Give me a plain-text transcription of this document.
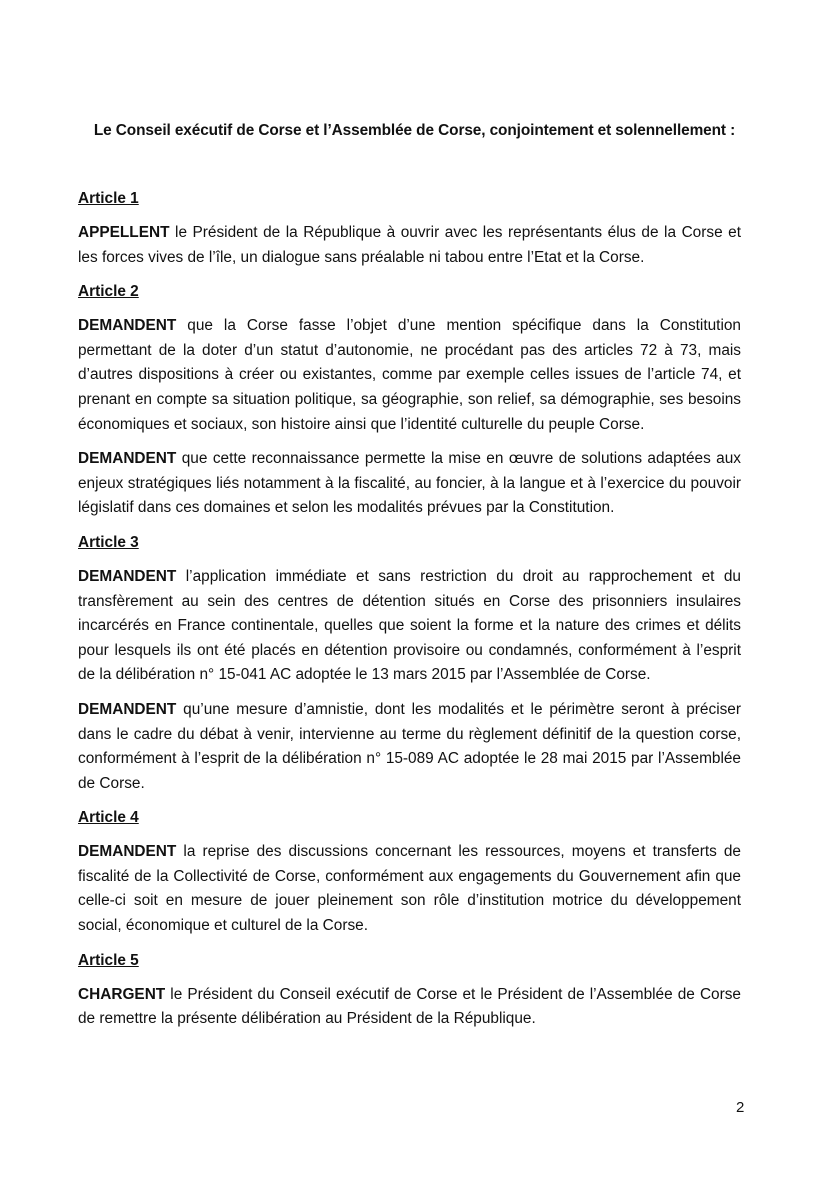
Le Conseil exécutif de Corse et l’Assemblée de Corse, conjointement et solennellement :
Article 1

APPELLENT le Président de la République à ouvrir avec les représentants élus de la Corse et les forces vives de l’île, un dialogue sans préalable ni tabou entre l’Etat et la Corse.

Article 2

DEMANDENT que la Corse fasse l’objet d’une mention spécifique dans la Constitution permettant de la doter d’un statut d’autonomie, ne procédant pas des articles 72 à 73, mais d’autres dispositions à créer ou existantes, comme par exemple celles issues de l’article 74, et prenant en compte sa situation politique, sa géographie, son relief, sa démographie, ses besoins économiques et sociaux, son histoire ainsi que l’identité culturelle du peuple Corse.

DEMANDENT que cette reconnaissance permette la mise en œuvre de solutions adaptées aux enjeux stratégiques liés notamment à la fiscalité, au foncier, à la langue et à l’exercice du pouvoir législatif dans ces domaines et selon les modalités prévues par la Constitution.

Article 3

DEMANDENT l’application immédiate et sans restriction du droit au rapprochement et du transfèrement au sein des centres de détention situés en Corse des prisonniers insulaires incarcérés en France continentale, quelles que soient la forme et la nature des crimes et délits pour lesquels ils ont été placés en détention provisoire ou condamnés, conformément à l’esprit de la délibération n° 15-041 AC adoptée le 13 mars 2015 par l’Assemblée de Corse.

DEMANDENT qu’une mesure d’amnistie, dont les modalités et le périmètre seront à préciser dans le cadre du débat à venir, intervienne au terme du règlement définitif de la question corse, conformément à l’esprit de la délibération n° 15-089 AC adoptée le 28 mai 2015 par l’Assemblée de Corse.

Article 4

DEMANDENT la reprise des discussions concernant les ressources, moyens et transferts de fiscalité de la Collectivité de Corse, conformément aux engagements du Gouvernement afin que celle-ci soit en mesure de jouer pleinement son rôle d’institution motrice du développement social, économique et culturel de la Corse.

Article 5

CHARGENT le Président du Conseil exécutif de Corse et le Président de l’Assemblée de Corse de remettre la présente délibération au Président de la République.

2
